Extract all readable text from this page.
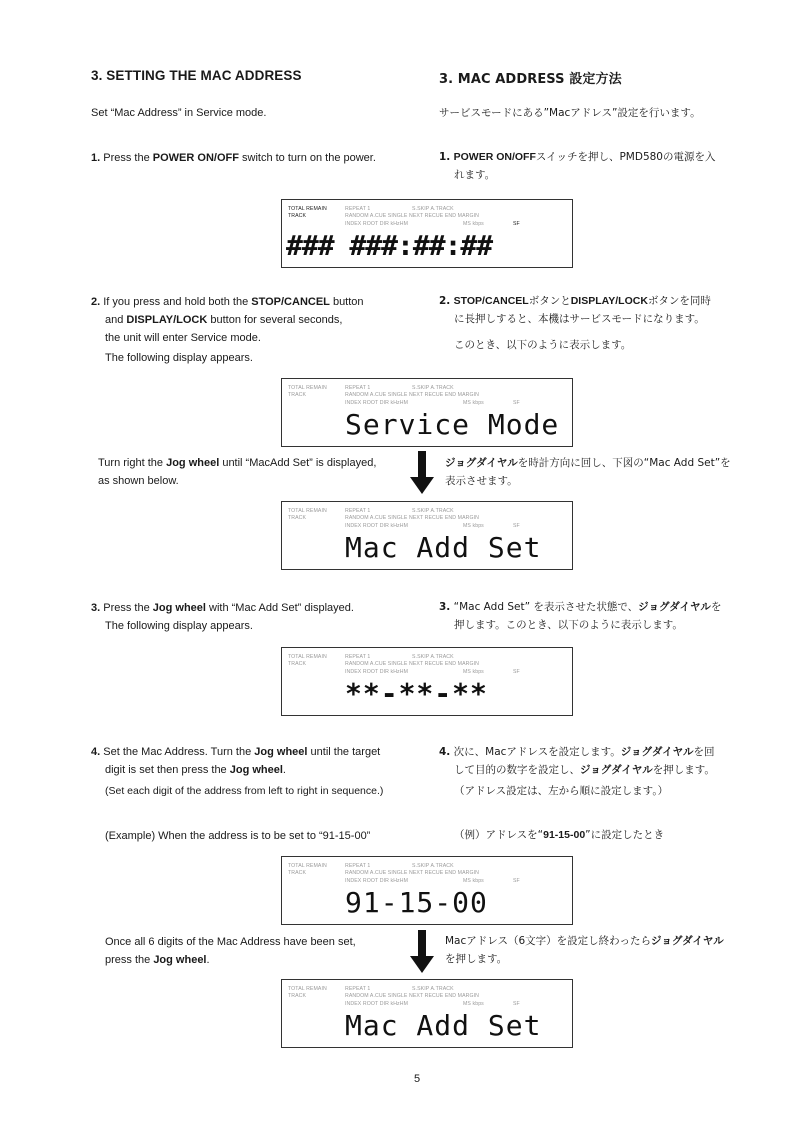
3. SETTING THE MAC ADDRESS	3. MAC ADDRESS 設定方法
Set “Mac Address” in Service mode.	サービスモードにある”Macアドレス”設定を行います。
1. Press the POWER ON/OFF switch to turn on the power.	1. POWER ON/OFFスイッチを押し、PMD580の電源を入
れます。
TOTAL REMAIN
TRACK
REPEAT 1	S.SKIP A.TRACK
RANDOM A.CUE SINGLE NEXT RECUE END MARGIN
INDEX ROOT DIR kHzHM	MS kbps	SF
### ###:##:##
2. If you press and hold both the STOP/CANCEL button
and DISPLAY/LOCK button for several seconds,
the unit will enter Service mode.
The following display appears.
2. STOP/CANCELボタンとDISPLAY/LOCKボタンを同時
に長押しすると、本機はサービスモードになります。
このとき、以下のように表示します。
TOTAL REMAIN
TRACK
REPEAT 1	S.SKIP A.TRACK
RANDOM A.CUE SINGLE NEXT RECUE END MARGIN
INDEX ROOT DIR kHzHM	MS kbps	SF
Service Mode
Turn right the Jog wheel until “MacAdd Set” is displayed,
as shown below.
ジョグダイヤルを時計方向に回し、下図の“Mac Add Set”を
表示させます。
TOTAL REMAIN
TRACK
REPEAT 1	S.SKIP A.TRACK
RANDOM A.CUE SINGLE NEXT RECUE END MARGIN
INDEX ROOT DIR kHzHM	MS kbps	SF
Mac Add Set
3. Press the Jog wheel with “Mac Add Set” displayed.
The following display appears.
3. “Mac Add Set” を表示させた状態で、ジョグダイヤルを
押します。このとき、以下のように表示します。
TOTAL REMAIN
TRACK
REPEAT 1	S.SKIP A.TRACK
RANDOM A.CUE SINGLE NEXT RECUE END MARGIN
INDEX ROOT DIR kHzHM	MS kbps	SF
**-**-**
4. Set the Mac Address. Turn the Jog wheel until the target
digit is set then press the Jog wheel.
(Set each digit of the address from left to right in sequence.)
4. 次に、Macアドレスを設定します。ジョグダイヤルを回
して目的の数字を設定し、ジョグダイヤルを押します。
（アドレス設定は、左から順に設定します。）
(Example) When the address is to be set to “91-15-00”	（例）アドレスを“91-15-00”に設定したとき
TOTAL REMAIN
TRACK
REPEAT 1	S.SKIP A.TRACK
RANDOM A.CUE SINGLE NEXT RECUE END MARGIN
INDEX ROOT DIR kHzHM	MS kbps	SF
91-15-00
Once all 6 digits of the Mac Address have been set,
press the Jog wheel.
Macアドレス（6文字）を設定し終わったらジョグダイヤル
を押します。
TOTAL REMAIN
TRACK
REPEAT 1	S.SKIP A.TRACK
RANDOM A.CUE SINGLE NEXT RECUE END MARGIN
INDEX ROOT DIR kHzHM	MS kbps	SF
Mac Add Set
5
